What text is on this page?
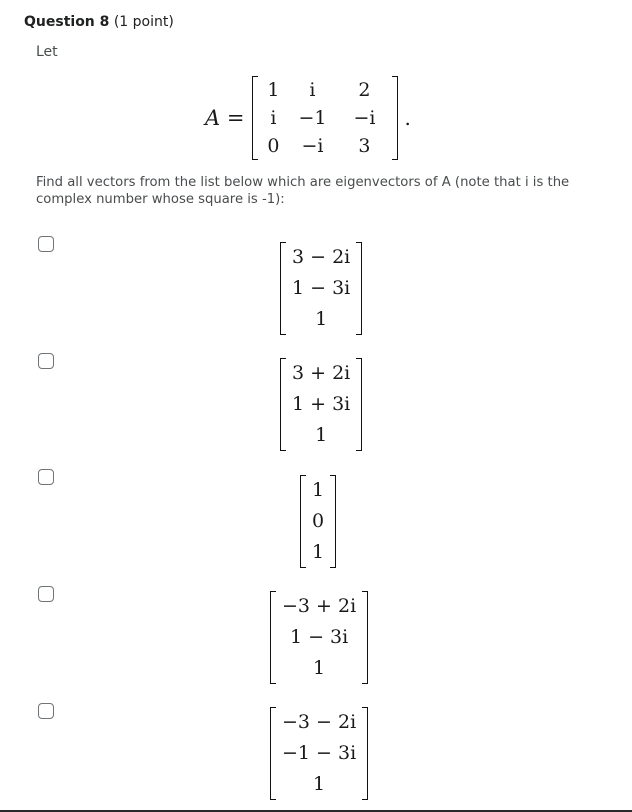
Question 8 (1 point)
Let
A =
1	i	2
i	−1	−i
0	−i	3
.
Find all vectors from the list below which are eigenvectors of A (note that i is the
complex number whose square is -1):
3 − 2i
1 − 3i
1
3 + 2i
1 + 3i
1
1
0
1
−3 + 2i
1 − 3i
1
−3 − 2i
−1 − 3i
1
